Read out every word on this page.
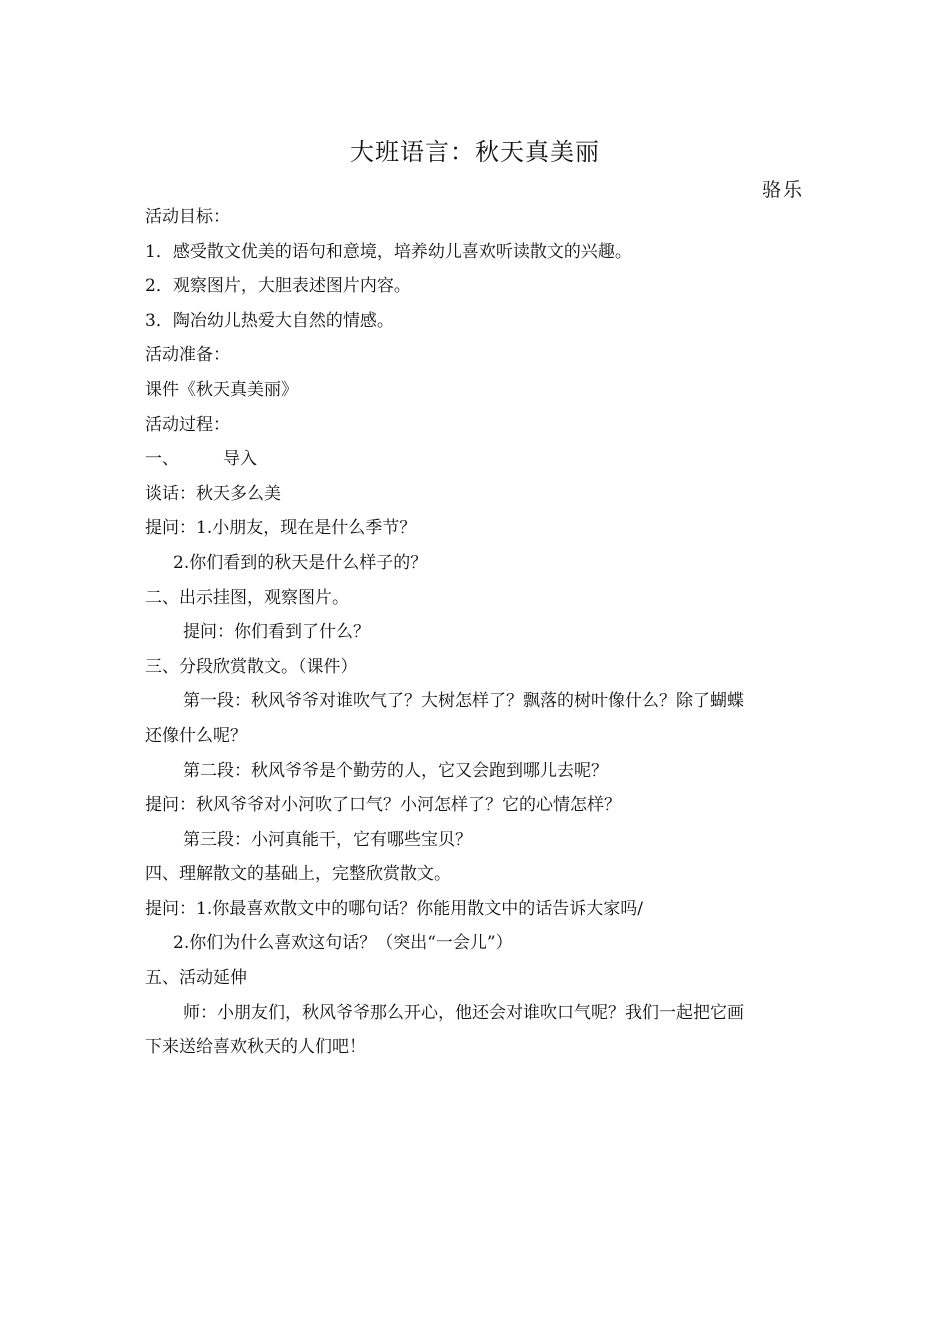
大班语言：秋天真美丽
骆乐
活动目标：
1．感受散文优美的语句和意境，培养幼儿喜欢听读散文的兴趣。
2．观察图片，大胆表述图片内容。
3．陶冶幼儿热爱大自然的情感。
活动准备：
课件《秋天真美丽》
活动过程：
一、	导入
谈话：秋天多么美
提问：1.小朋友，现在是什么季节？
2.你们看到的秋天是什么样子的？
二、出示挂图，观察图片。
提问：你们看到了什么？
三、分段欣赏散文。（课件）
第一段：秋风爷爷对谁吹气了？大树怎样了？飘落的树叶像什么？除了蝴蝶
还像什么呢？
第二段：秋风爷爷是个勤劳的人，它又会跑到哪儿去呢？
提问：秋风爷爷对小河吹了口气？小河怎样了？它的心情怎样？
第三段：小河真能干，它有哪些宝贝？
四、理解散文的基础上，完整欣赏散文。
提问：1.你最喜欢散文中的哪句话？你能用散文中的话告诉大家吗/
2.你们为什么喜欢这句话？（突出“一会儿”）
五、活动延伸
师：小朋友们，秋风爷爷那么开心，他还会对谁吹口气呢？我们一起把它画
下来送给喜欢秋天的人们吧！
